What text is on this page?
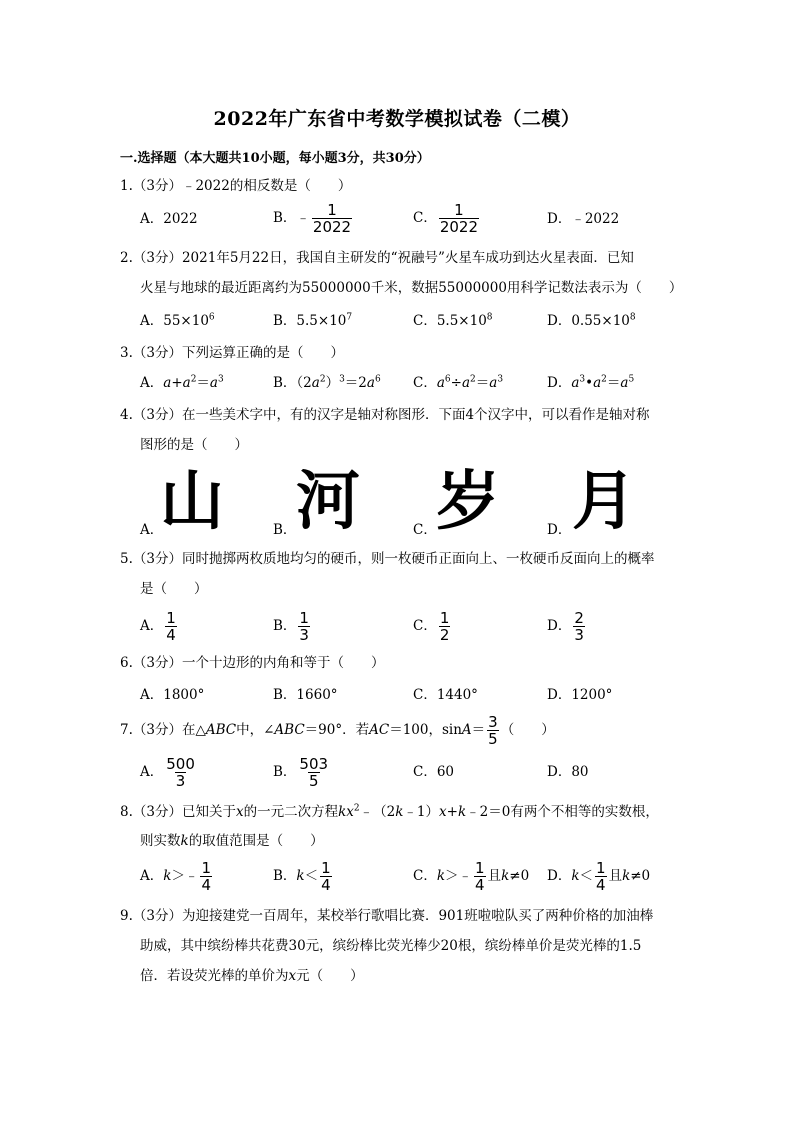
2022年广东省中考数学模拟试卷（二模）
一.选择题（本大题共10小题，每小题3分，共30分）
1.（3分）﹣2022的相反数是（　　）
A．2022	B．﹣ $\frac{1}{2022}$	C． $\frac{1}{2022}$	D．﹣2022
2.（3分）2021年5月22日，我国自主研发的“祝融号”火星车成功到达火星表面．已知
火星与地球的最近距离约为55000000千米，数据55000000用科学记数法表示为（　　）
A．$55\times 10^6$	B．$5.5\times 10^7$	C．$5.5\times 10^8$	D．$0.55\times 10^8$
3.（3分）下列运算正确的是（　　）
A．$a+a^2=a^3$	B．$(2a^2)^3=2a^6$ C．$a^6\div a^2=a^3$	D．$a^3•a^2=a^5$
4.（3分）在一些美术字中，有的汉字是轴对称图形．下面4个汉字中，可以看作是轴对称
图形的是（　　）
A．
山	B． 河	C． 岁	D． 月
5.（3分）同时抛掷两枚质地均匀的硬币，则一枚硬币正面向上、一枚硬币反面向上的概率
是（　　）
A． $\frac{1}{4}$	B． $\frac{1}{3}$	C． $\frac{1}{2}$	D． $\frac{2}{3}$
6.（3分）一个十边形的内角和等于（　　）
A．1800°	B．1660°	C．1440°	D．1200°
7.（3分）在△ABC中，∠ABC＝90°．若AC＝100，$\sin A= \frac{3}{5}$ （　　）
A． $\frac{500}{3}$	B． $\frac{503}{5}$	C．60	D．80
8.（3分）已知关于x的一元二次方程$kx^2﹣(2k﹣1)x+k﹣2=0$有两个不相等的实数根，
则实数k的取值范围是（　　）
A．k＞﹣ $\frac{1}{4}$	B．$k< \frac{1}{4}$	C．k＞﹣ $\frac{1}{4}$ 且k≠0 D．$k< \frac{1}{4}$ 且k≠0
9.（3分）为迎接建党一百周年，某校举行歌唱比赛．901班啦啦队买了两种价格的加油棒
助威，其中缤纷棒共花费30元，缤纷棒比荧光棒少20根，缤纷棒单价是荧光棒的1.5
倍．若设荧光棒的单价为x元（　　）
